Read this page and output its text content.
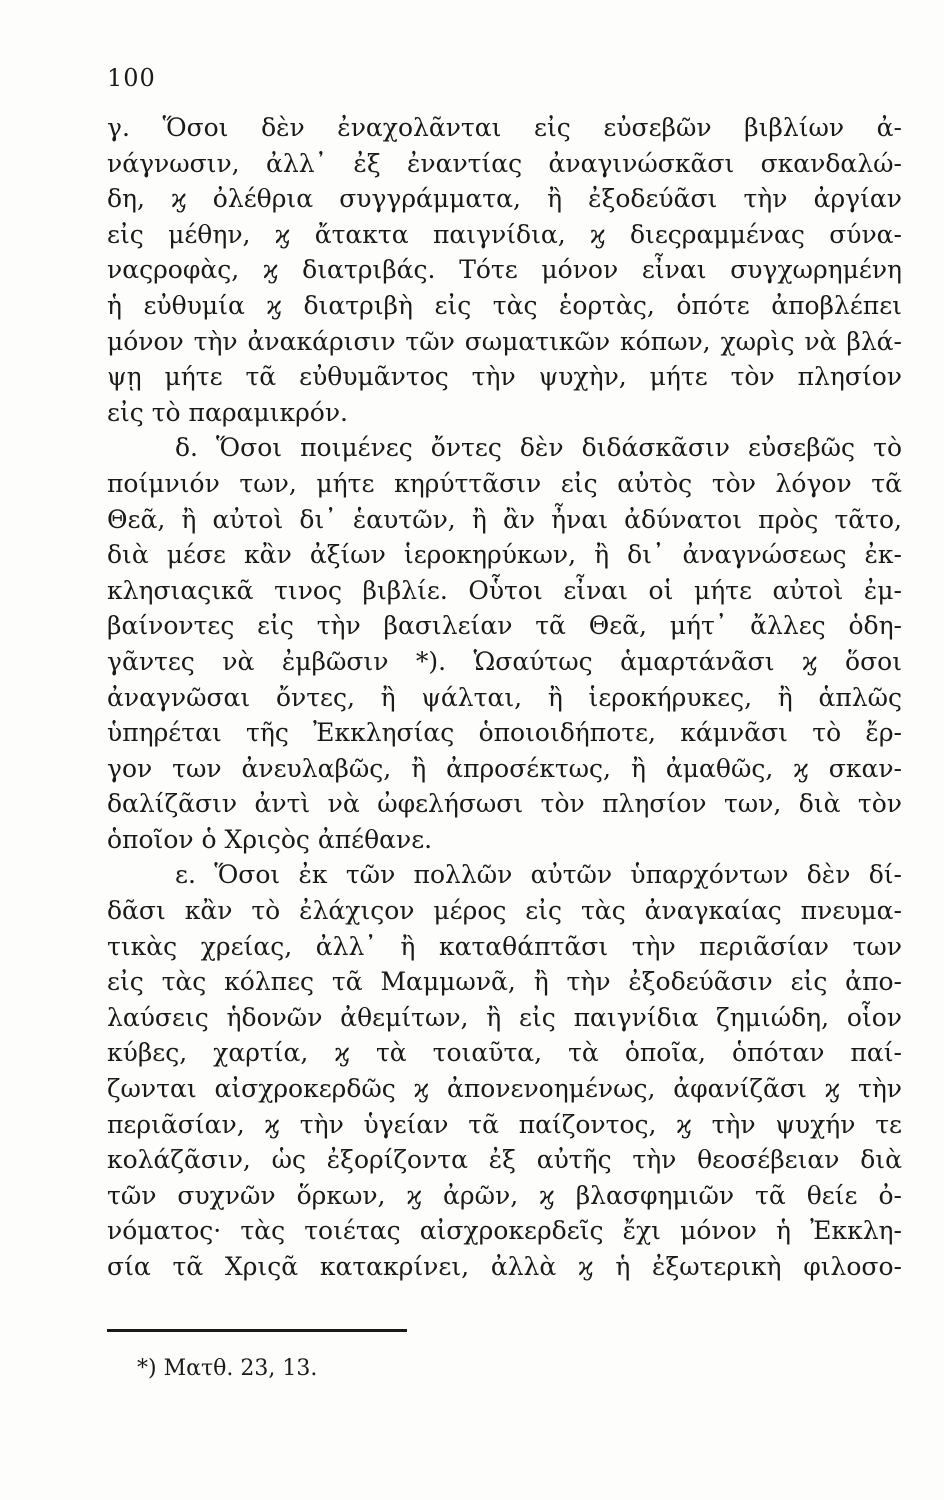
100
γ. Ὅσοι δὲν ἐναχολᾶνται εἰς εὐσεβῶν βιβλίων ἀ-
νάγνωσιν, ἀλλ᾽ ἐξ ἐναντίας ἀναγινώσκᾶσι σκανδαλώ-
δη, ϗ ὀλέθρια συγγράμματα, ἢ ἐξοδεύᾶσι τὴν ἀργίαν
εἰς μέθην, ϗ ἄτακτα παιγνίδια, ϗ διεςραμμένας σύνα-
ναςροφὰς, ϗ διατριβάς. Τότε μόνον εἶναι συγχωρημένη
ἡ εὐθυμία ϗ διατριβὴ εἰς τὰς ἑορτὰς, ὁπότε ἀποβλέπει
μόνον τὴν ἀνακάρισιν τῶν σωματικῶν κόπων, χωρὶς νὰ βλά-
ψῃ μήτε τᾶ εὐθυμᾶντος τὴν ψυχὴν, μήτε τὸν πλησίον
εἰς τὸ παραμικρόν.
δ. Ὅσοι ποιμένες ὄντες δὲν διδάσκᾶσιν εὐσεβῶς τὸ
ποίμνιόν των, μήτε κηρύττᾶσιν εἰς αὐτὸς τὸν λόγον τᾶ
Θεᾶ, ἢ αὐτοὶ δι᾽ ἑαυτῶν, ἢ ἂν ἦναι ἀδύνατοι πρὸς τᾶτο,
διὰ μέσε κἂν ἀξίων ἱεροκηρύκων, ἢ δι᾽ ἀναγνώσεως ἐκ-
κλησιαςικᾶ τινος βιβλίε. Οὗτοι εἶναι οἱ μήτε αὐτοὶ ἐμ-
βαίνοντες εἰς τὴν βασιλείαν τᾶ Θεᾶ, μήτ᾽ ἄλλες ὁδη-
γᾶντες νὰ ἐμβῶσιν *). Ὡσαύτως ἁμαρτάνᾶσι ϗ ὅσοι
ἀναγνῶσαι ὄντες, ἢ ψάλται, ἢ ἱεροκήρυκες, ἢ ἁπλῶς
ὑπηρέται τῆς Ἐκκλησίας ὁποιοιδήποτε, κάμνᾶσι τὸ ἔρ-
γον των ἀνευλαβῶς, ἢ ἀπροσέκτως, ἢ ἀμαθῶς, ϗ σκαν-
δαλίζᾶσιν ἀντὶ νὰ ὠφελήσωσι τὸν πλησίον των, διὰ τὸν
ὁποῖον ὁ Χριςὸς ἀπέθανε.
ε. Ὅσοι ἐκ τῶν πολλῶν αὐτῶν ὑπαρχόντων δὲν δί-
δᾶσι κἂν τὸ ἐλάχιςον μέρος εἰς τὰς ἀναγκαίας πνευμα-
τικὰς χρείας, ἀλλ᾽ ἢ καταθάπτᾶσι τὴν περιᾶσίαν των
εἰς τὰς κόλπες τᾶ Μαμμωνᾶ, ἢ τὴν ἐξοδεύᾶσιν εἰς ἀπο-
λαύσεις ἡδονῶν ἀθεμίτων, ἢ εἰς παιγνίδια ζημιώδη, οἷον
κύβες, χαρτία, ϗ τὰ τοιαῦτα, τὰ ὁποῖα, ὁπόταν παί-
ζωνται αἰσχροκερδῶς ϗ ἀπονενοημένως, ἀφανίζᾶσι ϗ τὴν
περιᾶσίαν, ϗ τὴν ὑγείαν τᾶ παίζοντος, ϗ τὴν ψυχήν τε
κολάζᾶσιν, ὡς ἐξορίζοντα ἐξ αὐτῆς τὴν θεοσέβειαν διὰ
τῶν συχνῶν ὅρκων, ϗ ἀρῶν, ϗ βλασφημιῶν τᾶ θείε ὀ-
νόματος· τὰς τοιέτας αἰσχροκερδεῖς ἔχι μόνον ἡ Ἐκκλη-
σία τᾶ Χριςᾶ κατακρίνει, ἀλλὰ ϗ ἡ ἐξωτερικὴ φιλοσο-
*) Ματθ. 23, 13.
